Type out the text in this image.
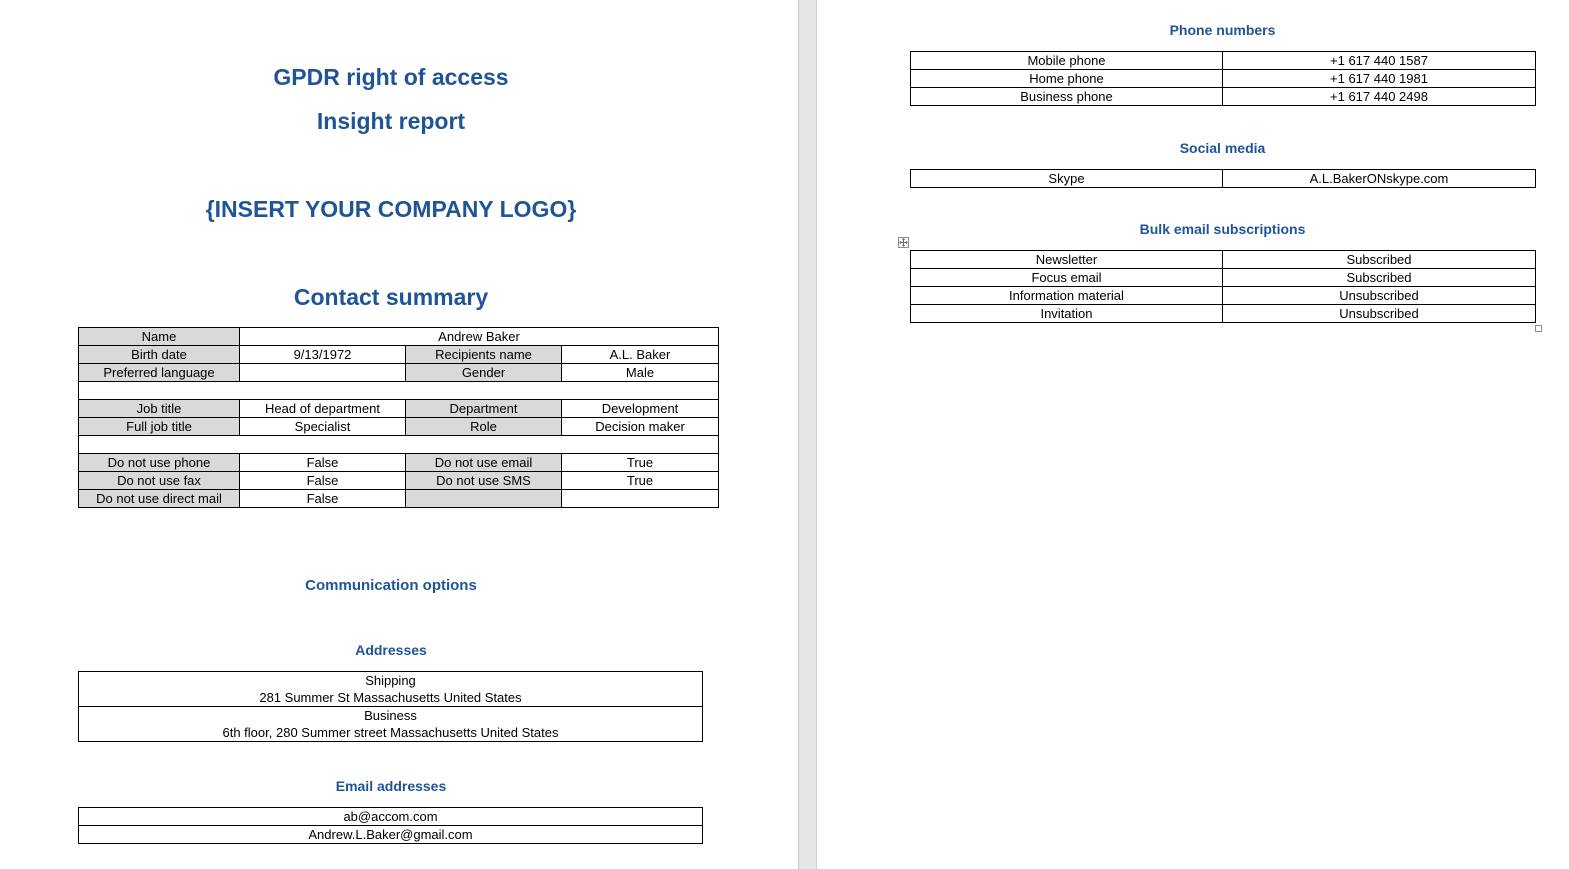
GPDR right of access
Insight report
{INSERT YOUR COMPANY LOGO}
Contact summary
Name	Andrew Baker		
Birth date	9/13/1972	Recipients name	A.L. Baker
Preferred language		Gender	Male

Job title	Head of department	Department	Development
Full job title	Specialist	Role	Decision maker

Do not use phone	False	Do not use email	True
Do not use fax	False	Do not use SMS	True
Do not use direct mail	False		
Communication options
Addresses
Shipping
281 Summer St Massachusetts United States

Business
6th floor, 280 Summer street Massachusetts United States
Email addresses
ab@accom.com
Andrew.L.Baker@gmail.com
Phone numbers
Mobile phone	+1 617 440 1587
Home phone	+1 617 440 1981
Business phone	+1 617 440 2498
Social media
Skype	A.L.BakerONskype.com
Bulk email subscriptions
Newsletter	Subscribed
Focus email	Subscribed
Information material	Unsubscribed
Invitation	Unsubscribed
